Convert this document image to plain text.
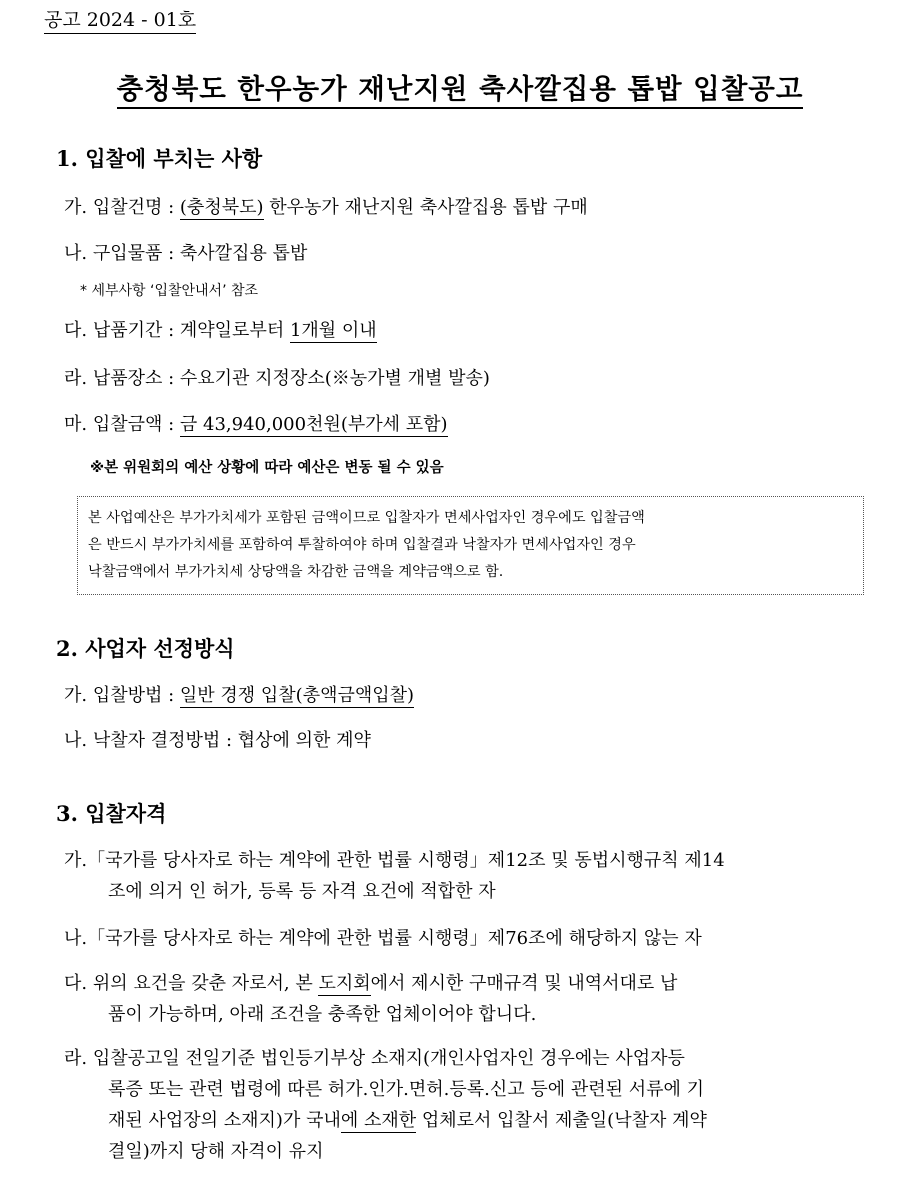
공고 2024 - 01호
충청북도 한우농가 재난지원 축사깔집용 톱밥 입찰공고
1. 입찰에 부치는 사항
가. 입찰건명 : (충청북도) 한우농가 재난지원 축사깔집용 톱밥 구매
나. 구입물품 : 축사깔집용 톱밥
* 세부사항 ‘입찰안내서’ 참조
다. 납품기간 : 계약일로부터 1개월 이내
라. 납품장소 : 수요기관 지정장소(※농가별 개별 발송)
마. 입찰금액 : 금 43,940,000천원(부가세 포함)
※본 위원회의 예산 상황에 따라 예산은 변동 될 수 있음

본 사업예산은 부가가치세가 포함된 금액이므로 입찰자가 면세사업자인 경우에도 입찰금액

은 반드시 부가가치세를 포함하여 투찰하여야 하며 입찰결과 낙찰자가 면세사업자인 경우

낙찰금액에서 부가가치세 상당액을 차감한 금액을 계약금액으로 함.

2. 사업자 선정방식
가. 입찰방법 : 일반 경쟁 입찰(총액금액입찰)
나. 낙찰자 결정방법 : 협상에 의한 계약
3. 입찰자격
가.「국가를 당사자로 하는 계약에 관한 법률 시행령」제12조 및 동법시행규칙 제14
조에 의거 인 허가, 등록 등 자격 요건에 적합한 자
나.「국가를 당사자로 하는 계약에 관한 법률 시행령」제76조에 해당하지 않는 자
다. 위의 요건을 갖춘 자로서, 본 도지회에서 제시한 구매규격 및 내역서대로 납
품이 가능하며, 아래 조건을 충족한 업체이어야 합니다.
라. 입찰공고일 전일기준 법인등기부상 소재지(개인사업자인 경우에는 사업자등
록증 또는 관련 법령에 따른 허가.인가.면허.등록.신고 등에 관련된 서류에 기
재된 사업장의 소재지)가 국내에 소재한 업체로서 입찰서 제출일(낙찰자 계약
결일)까지 당해 자격이 유지
